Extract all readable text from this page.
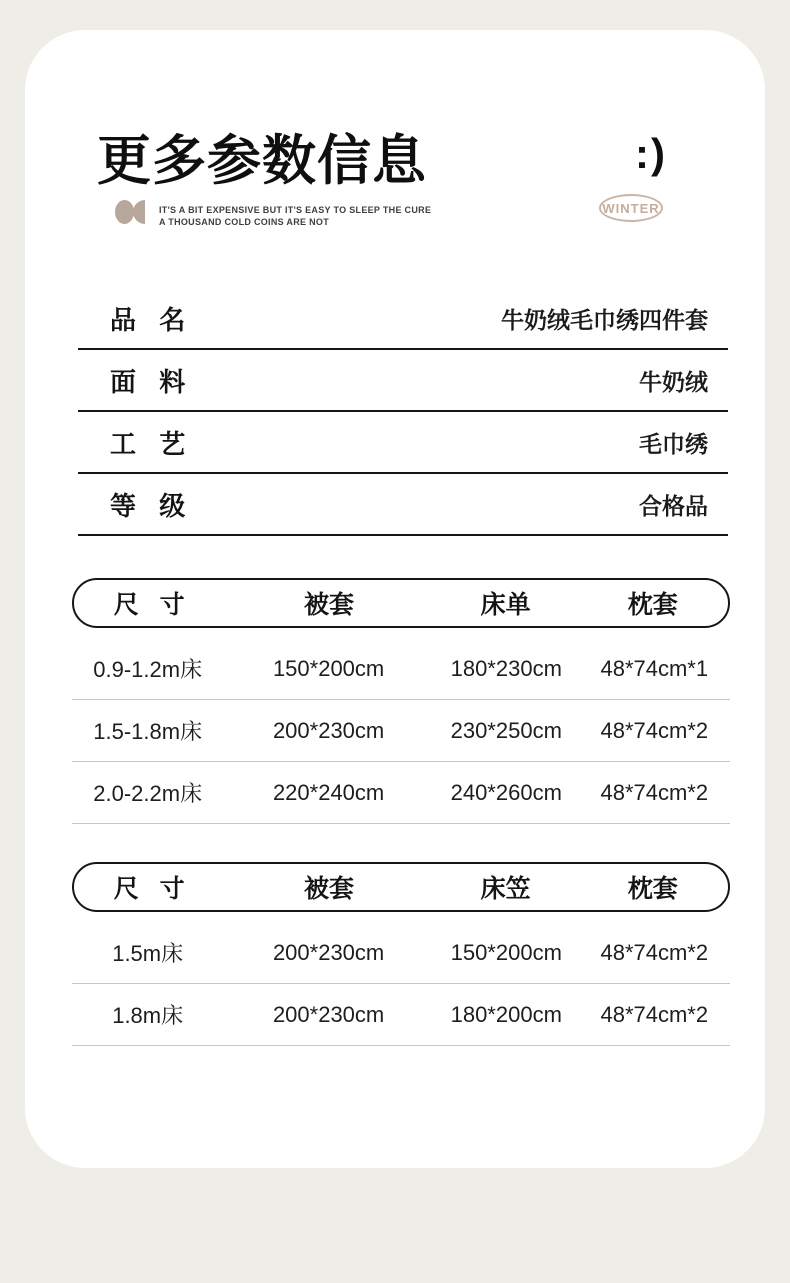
更多参数信息	:)
IT'S A BIT EXPENSIVE BUT IT'S EASY TO SLEEP THE CURE
A THOUSAND COLD COINS ARE NOT
WINTER
品 名	牛奶绒毛巾绣四件套
面 料	牛奶绒
工 艺	毛巾绣
等 级	合格品
尺 寸	被套	床单	枕套
0.9-1.2m床	150*200cm	180*230cm	48*74cm*1
1.5-1.8m床	200*230cm	230*250cm	48*74cm*2
2.0-2.2m床	220*240cm	240*260cm	48*74cm*2
尺 寸	被套	床笠	枕套
1.5m床	200*230cm	150*200cm	48*74cm*2
1.8m床	200*230cm	180*200cm	48*74cm*2
